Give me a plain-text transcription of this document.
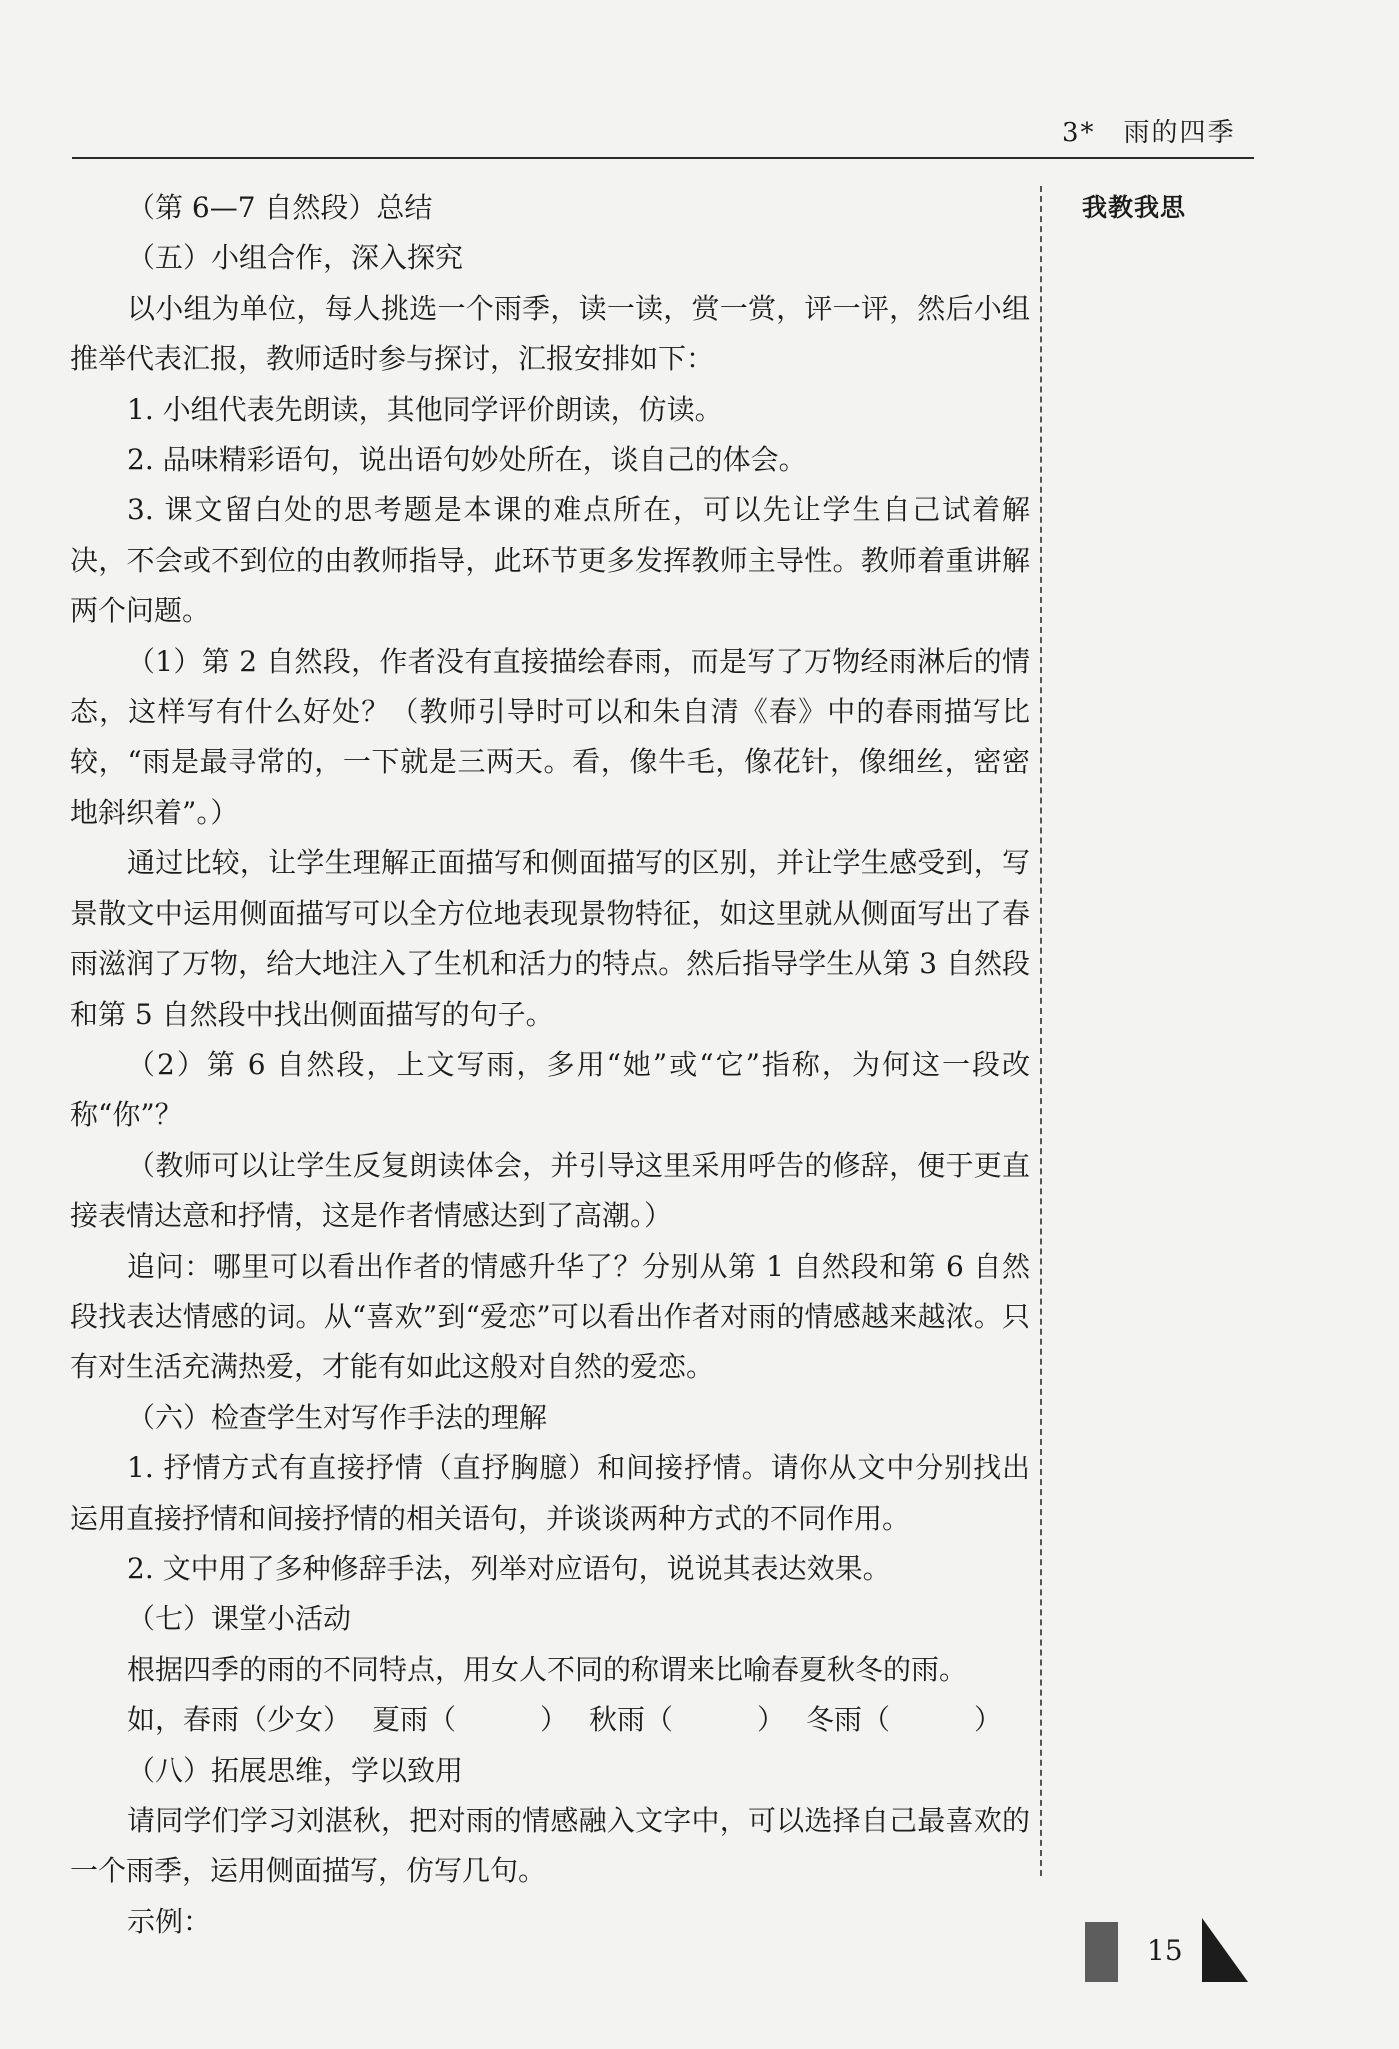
3*　雨的四季
我教我思

（第 6—7 自然段）总结

（五）小组合作，深入探究

以小组为单位，每人挑选一个雨季，读一读，赏一赏，评一评，然后小组推举代表汇报，教师适时参与探讨，汇报安排如下：

1. 小组代表先朗读，其他同学评价朗读，仿读。

2. 品味精彩语句，说出语句妙处所在，谈自己的体会。

3. 课文留白处的思考题是本课的难点所在，可以先让学生自己试着解决，不会或不到位的由教师指导，此环节更多发挥教师主导性。教师着重讲解两个问题。

（1）第 2 自然段，作者没有直接描绘春雨，而是写了万物经雨淋后的情态，这样写有什么好处？（教师引导时可以和朱自清《春》中的春雨描写比较，“雨是最寻常的，一下就是三两天。看，像牛毛，像花针，像细丝，密密地斜织着”。）

通过比较，让学生理解正面描写和侧面描写的区别，并让学生感受到，写景散文中运用侧面描写可以全方位地表现景物特征，如这里就从侧面写出了春雨滋润了万物，给大地注入了生机和活力的特点。然后指导学生从第 3 自然段和第 5 自然段中找出侧面描写的句子。

（2）第 6 自然段，上文写雨，多用“她”或“它”指称，为何这一段改称“你”？

（教师可以让学生反复朗读体会，并引导这里采用呼告的修辞，便于更直接表情达意和抒情，这是作者情感达到了高潮。）

追问：哪里可以看出作者的情感升华了？分别从第 1 自然段和第 6 自然段找表达情感的词。从“喜欢”到“爱恋”可以看出作者对雨的情感越来越浓。只有对生活充满热爱，才能有如此这般对自然的爱恋。

（六）检查学生对写作手法的理解

1. 抒情方式有直接抒情（直抒胸臆）和间接抒情。请你从文中分别找出运用直接抒情和间接抒情的相关语句，并谈谈两种方式的不同作用。

2. 文中用了多种修辞手法，列举对应语句，说说其表达效果。

（七）课堂小活动

根据四季的雨的不同特点，用女人不同的称谓来比喻春夏秋冬的雨。

如，春雨（少女） 夏雨（　　　） 秋雨（　　　） 冬雨（　　　）

（八）拓展思维，学以致用

请同学们学习刘湛秋，把对雨的情感融入文字中，可以选择自己最喜欢的一个雨季，运用侧面描写，仿写几句。

示例：

15
